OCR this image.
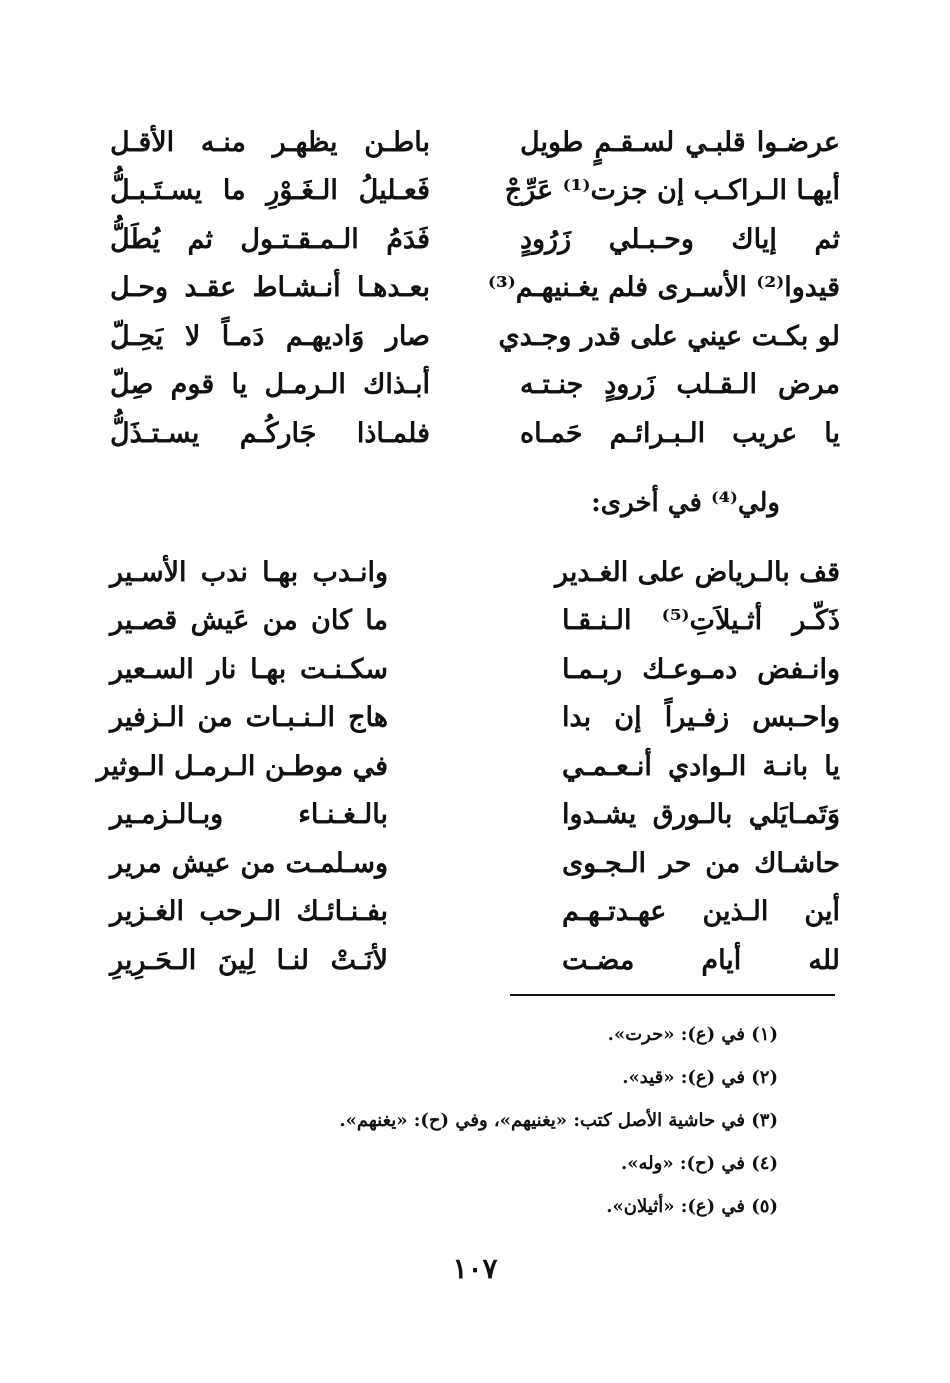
عرضـوا قلبـي لسـقـمٍ طويل
باطـن يظهـر منـه الأقـل
أيهـا الـراكـب إن جزت⁽¹⁾ عَرِّجْ
فَعـليلُ الـغَـوْرِ ما يسـتَـبـلُّ
ثم إياك وحـبـلي زَرُودٍ
فَدَمُ الـمـقـتـول ثم يُطَلُّ
قيدوا⁽²⁾ الأسـرى فلم يغـنيهـم⁽³⁾
بعـدهـا أنـشـاط عقـد وحـل
لو بكـت عيني على قدر وجـدي
صار وَاديهـم دَمـاً لا يَحِـلّ
مرض الـقـلب زَرودٍ جنـتـه
أبـذاك الـرمـل يا قوم صِلّ
يا عريب الـبـرائـم حَمـاه
فلمـاذا جَاركُـم يسـتـذَلُّ
ولي⁽⁴⁾ في أخرى:
قف بالـرياض على الغـدير
وانـدب بهـا ندب الأسـير
ذَكّـر أثـيلاَتِ⁽⁵⁾ الـنـقـا
ما كان من عَيش قصـير
وانـفض دمـوعـك ربـمـا
سكـنـت بهـا نار السـعير
واحـبس زفـيراً إن بدا
هاج الـنـبـات من الـزفير
يا بانـة الـوادي أنـعـمـي
في موطـن الـرمـل الـوثير
وَتَمـايَلي بالـورق يشـدوا
بالـغـنـاء وبـالـزمـير
حاشـاك من حر الـجـوى
وسـلمـت من عيش مرير
أين الـذين عهـدتـهـم
بفـنـائـك الـرحب الغـزير
لله أيام مضـت
لأنَـتْ لنـا لِينَ الـحَـرِيرِ
(١) في (ع): «حرت».
(٢) في (ع): «قيد».
(٣) في حاشية الأصل كتب: «يغنيهم»، وفي (ح): «يغنهم».
(٤) في (ح): «وله».
(٥) في (ع): «أثيلان».
١٠٧
